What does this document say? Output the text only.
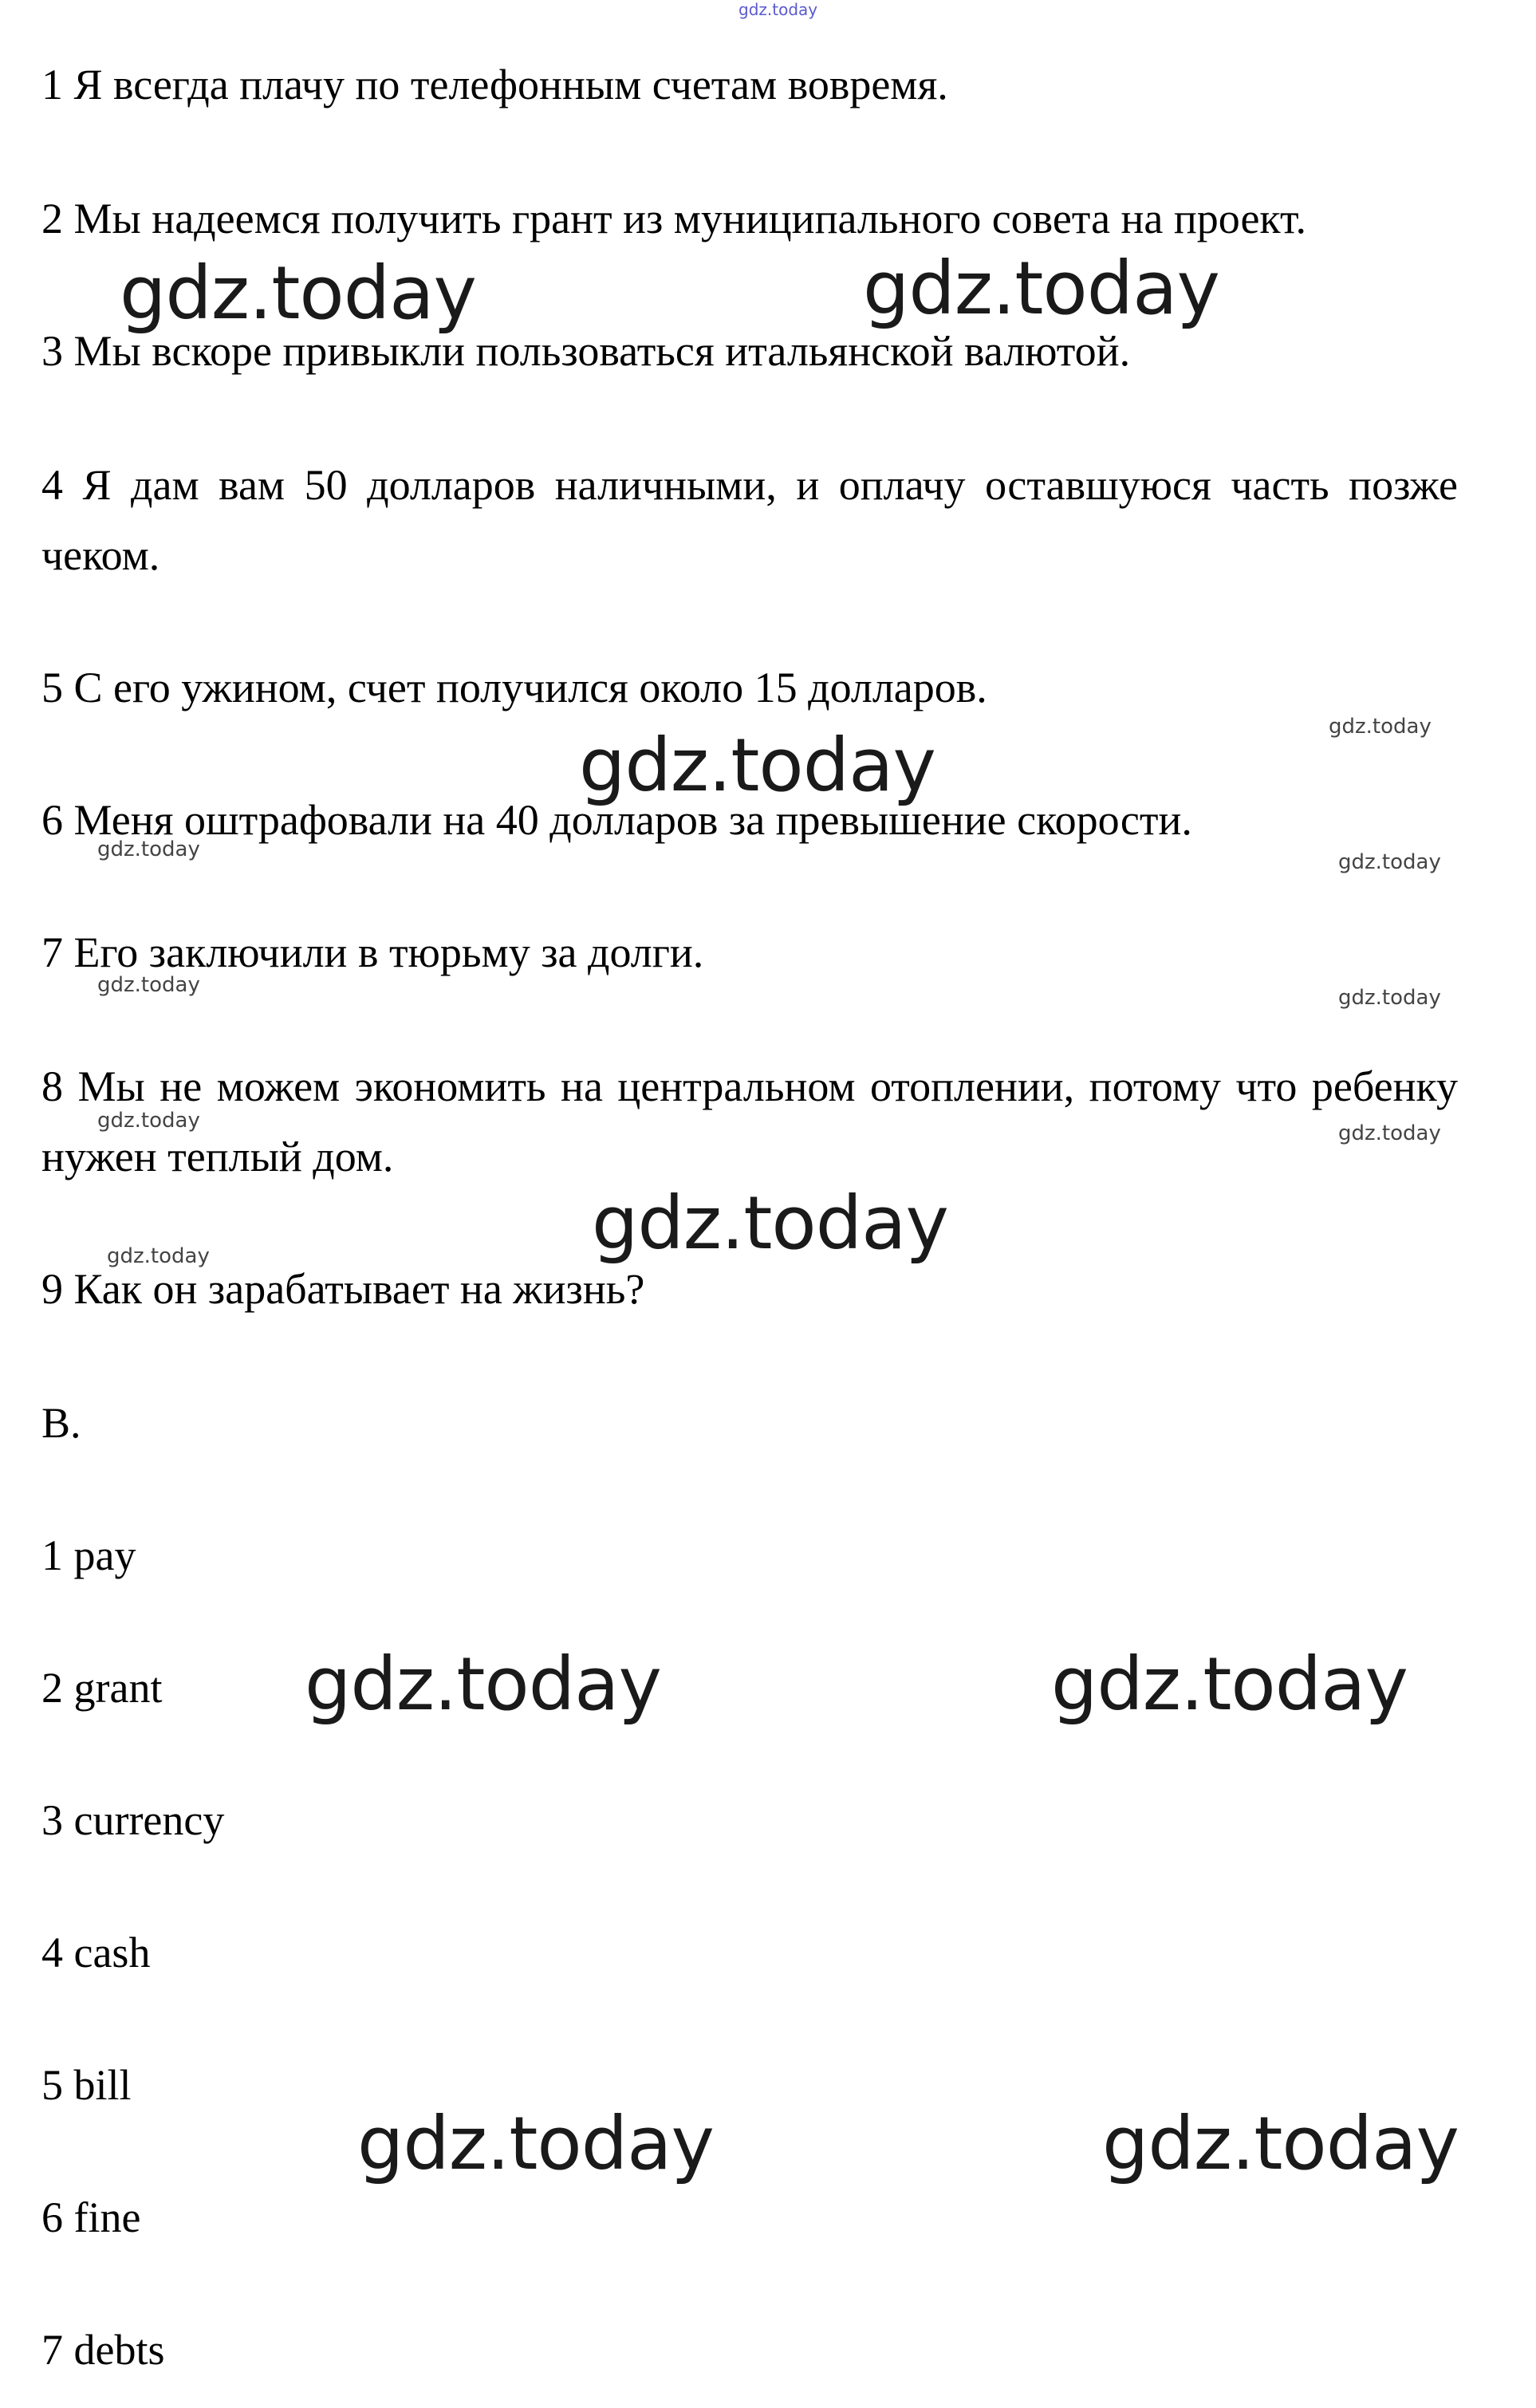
gdz.today
1 Я всегда плачу по телефонным счетам вовремя.
2 Мы надеемся получить грант из муниципального совета на проект.
3 Мы вскоре привыкли пользоваться итальянской валютой.
4 Я дам вам 50 долларов наличными, и оплачу оставшуюся часть позже чеком.
5 С его ужином, счет получился около 15 долларов.
6 Меня оштрафовали на 40 долларов за превышение скорости.
7 Его заключили в тюрьму за долги.
8 Мы не можем экономить на центральном отоплении, потому что ребенку нужен теплый дом.
9 Как он зарабатывает на жизнь?
B.
1 pay
2 grant
3 currency
4 cash
5 bill
6 fine
7 debts
gdz.today	gdz.today
gdz.today
gdz.today
gdz.today	gdz.today
gdz.today	gdz.today
gdz.today
gdz.today
gdz.today
gdz.today
gdz.today
gdz.today
gdz.today
gdz.today
